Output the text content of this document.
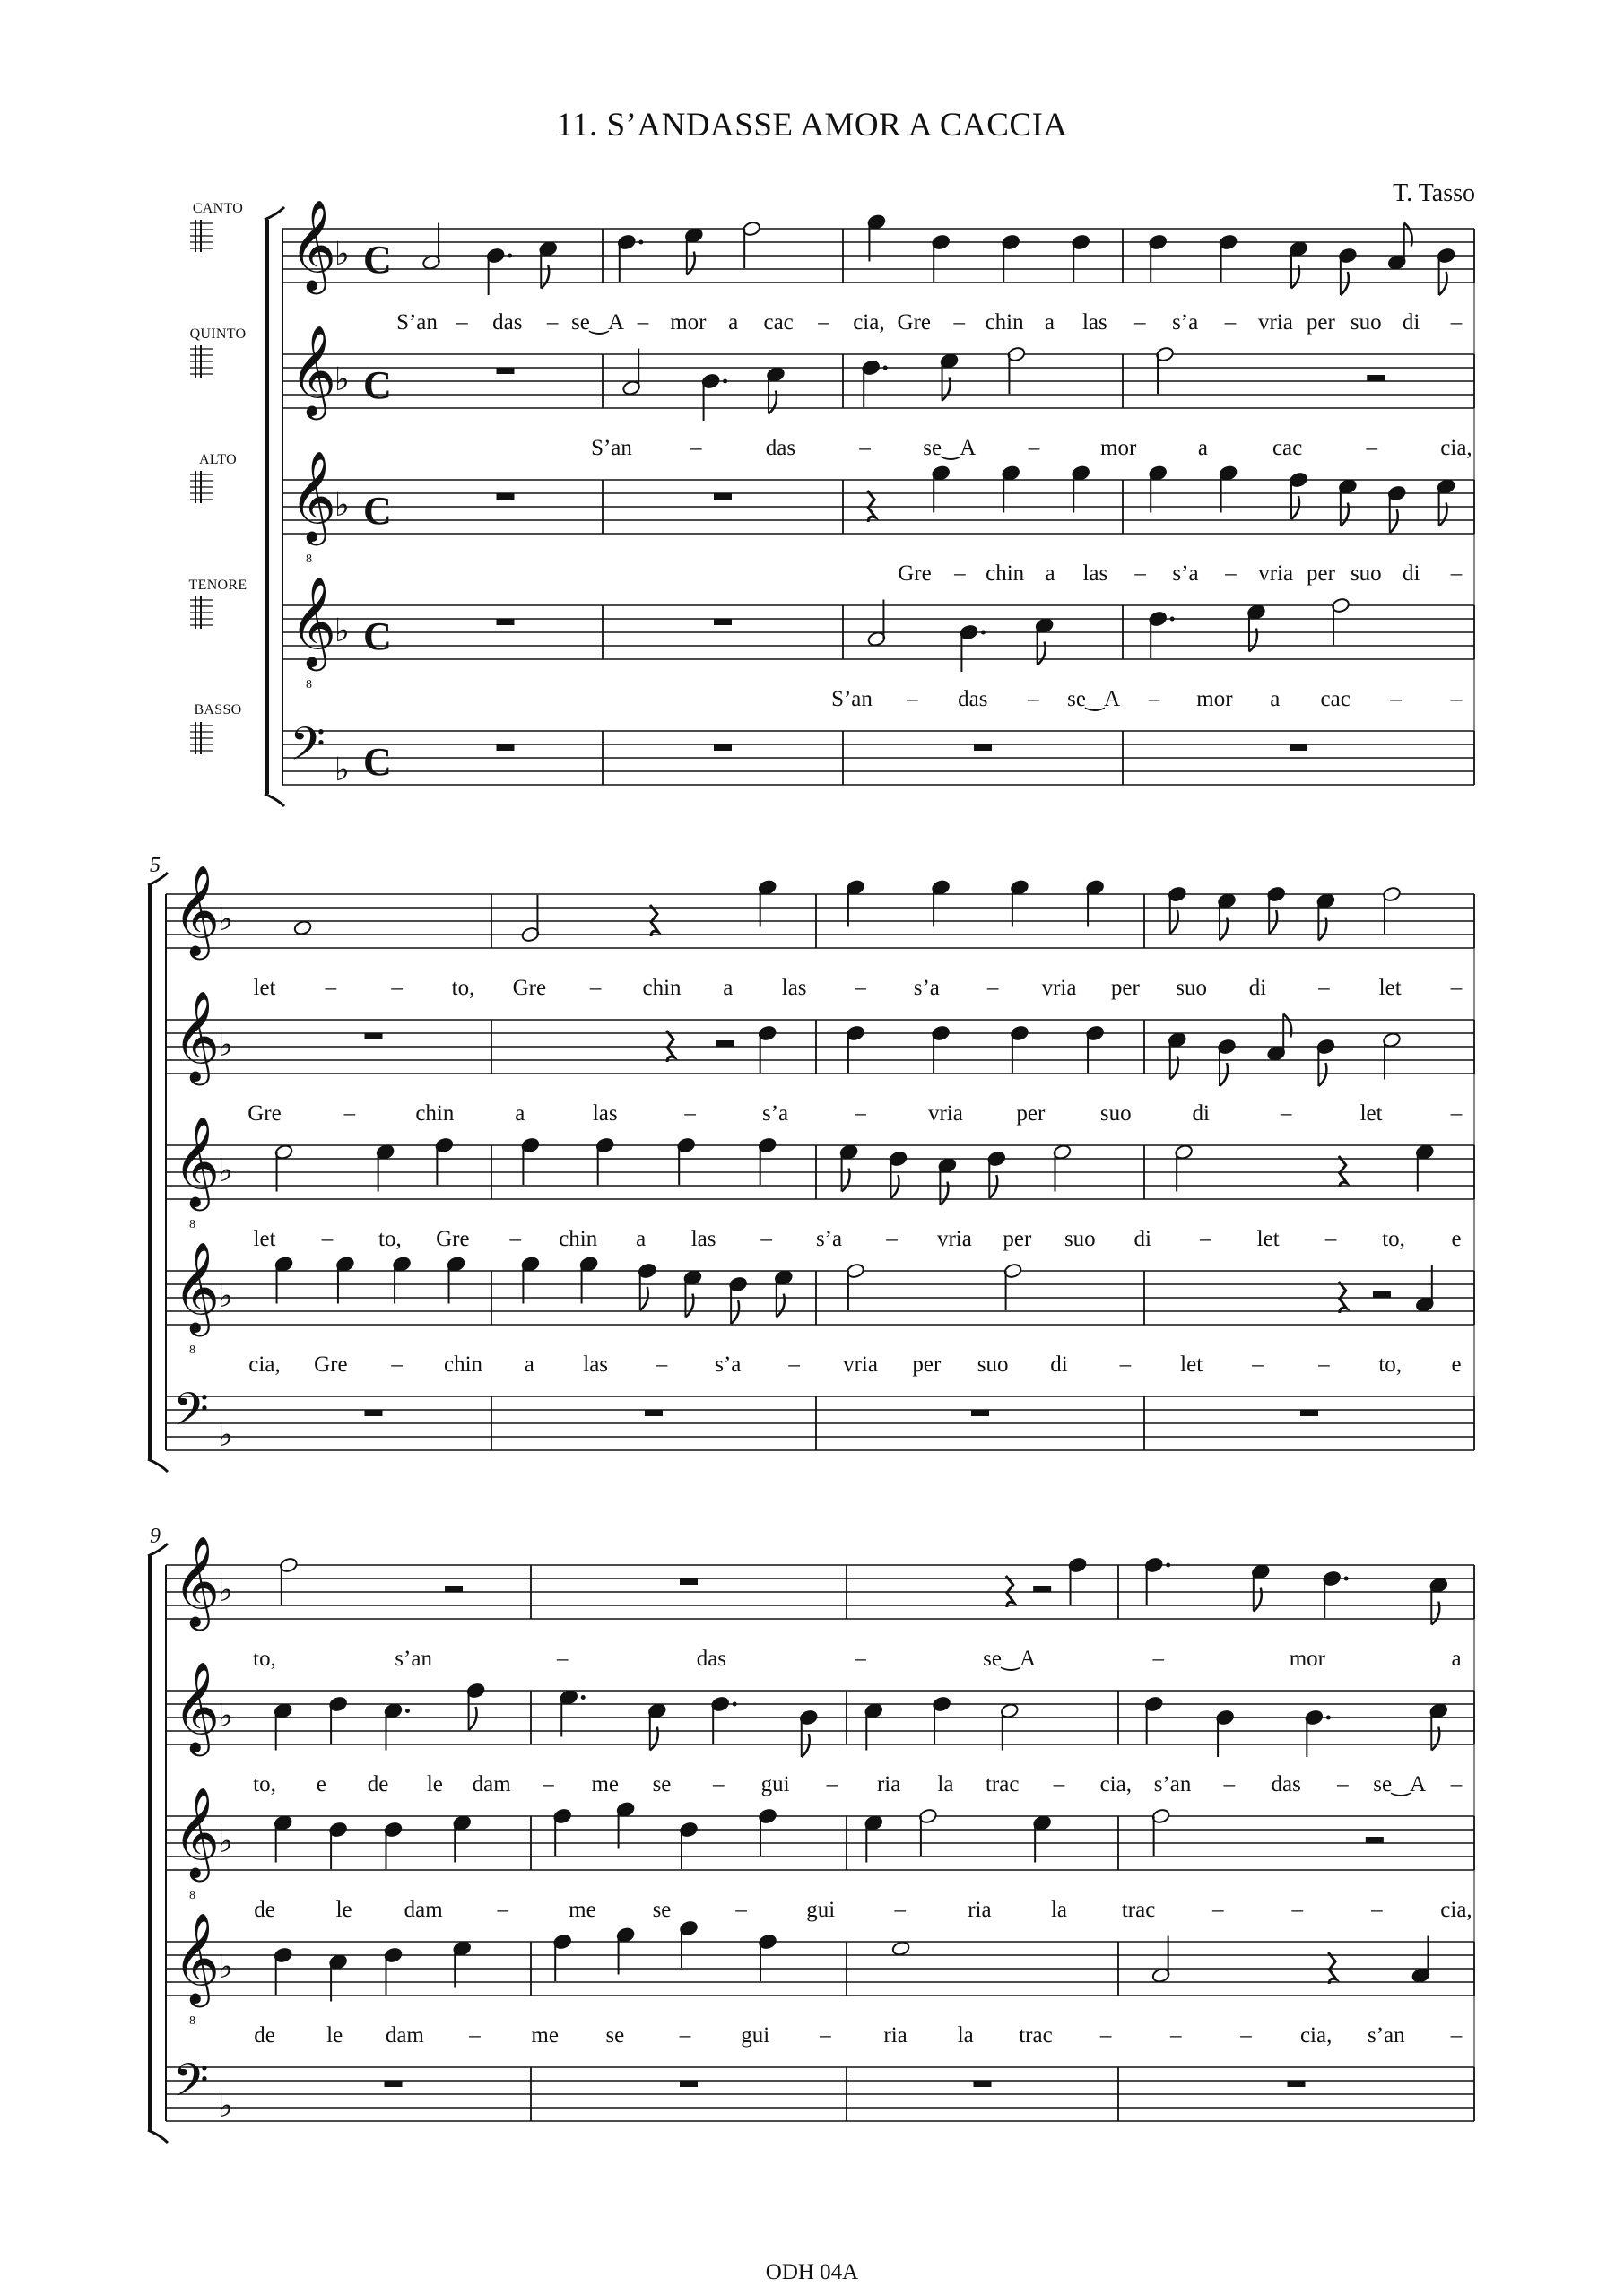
11. S’ANDASSE AMOR A CACCIA
T. Tasso
CANTO
QUINTO
ALTO
TENORE
BASSO
𝄞
♭ C
S’an – das – se‿A – mor a cac – cia, Gre – chin a las – s’a – vria per suo di –
𝄞
♭ C
S’an	–	das	– se‿A –	mor	a	cac	–	cia,
𝄞
8
♭ C
Gre – chin a las – s’a – vria per suo di –
𝄞
8
♭ C
S’an – das – se‿A – mor a cac – –
𝄢 ♭ C
5 𝄞
♭
let – – to, Gre – chin a las – s’a – vria per suo di – let –
𝄞
♭
Gre	–	chin	a	las	–	s’a	–	vria per suo	di	–	let	–
𝄞
8
♭
let – to, Gre – chin a las – s’a – vria per suo di – let – to, e
𝄞
8
♭
cia, Gre – chin a las – s’a – vria per suo di – let – – to, e
𝄢 ♭
9 𝄞
♭
to,	s’an	–	das	–	se‿A	–	mor	a
𝄞
♭
to, e de le dam – me se – gui – ria la trac – cia, s’an – das – se‿A –
𝄞
8
♭
de	le dam –	me	se	–	gui	–	ria	la trac	–	–	–	cia,
𝄞
8
♭
de le dam – me se – gui – ria la trac –	–	– cia, s’an –
𝄢 ♭
ODH 04A
